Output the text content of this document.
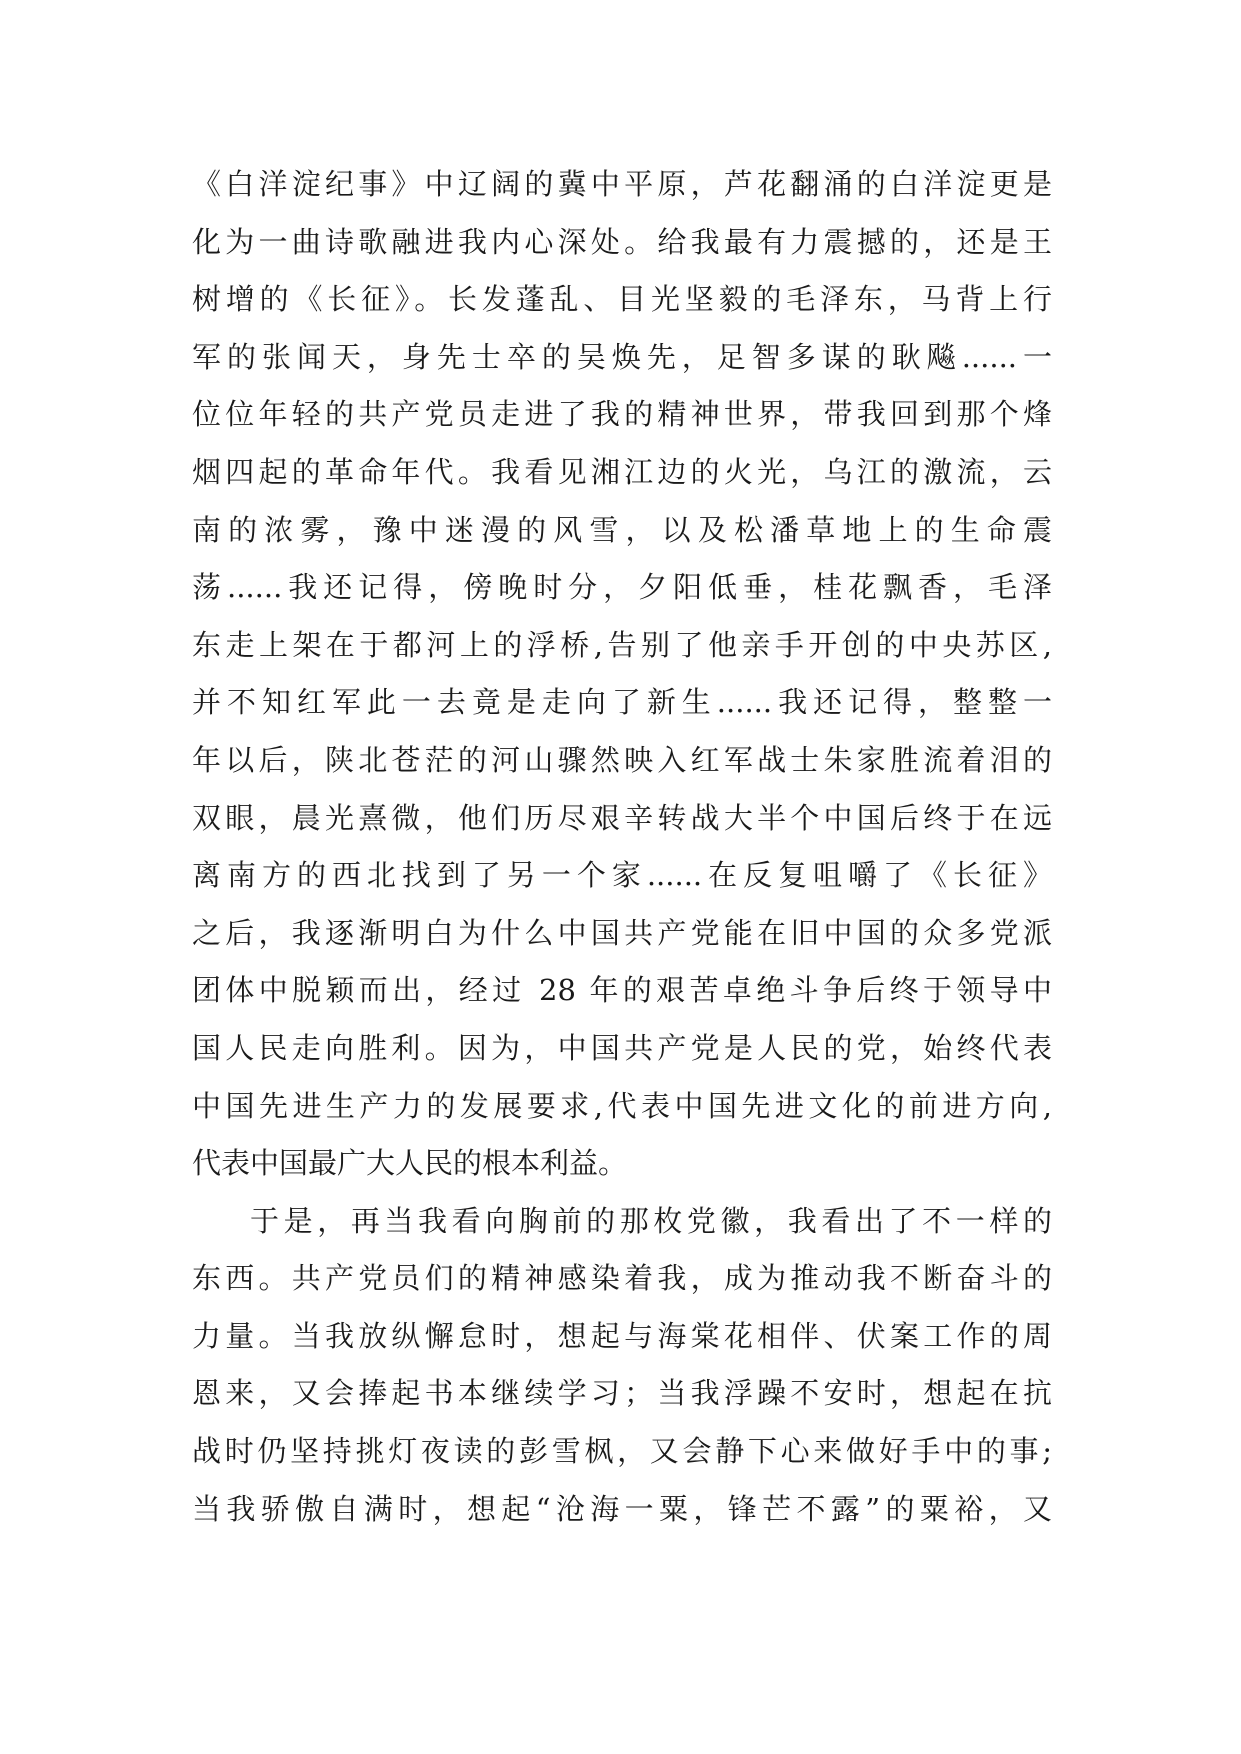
《白洋淀纪事》中辽阔的冀中平原，芦花翻涌的白洋淀更是
化为一曲诗歌融进我内心深处。给我最有力震撼的，还是王
树增的《长征》。长发蓬乱、目光坚毅的毛泽东，马背上行
军的张闻天，身先士卒的吴焕先，足智多谋的耿飚......一
位位年轻的共产党员走进了我的精神世界，带我回到那个烽
烟四起的革命年代。我看见湘江边的火光，乌江的激流，云
南的浓雾，豫中迷漫的风雪，以及松潘草地上的生命震
荡......我还记得，傍晚时分，夕阳低垂，桂花飘香，毛泽
东走上架在于都河上的浮桥,告别了他亲手开创的中央苏区,
并不知红军此一去竟是走向了新生......我还记得，整整一
年以后，陕北苍茫的河山骤然映入红军战士朱家胜流着泪的
双眼，晨光熹微，他们历尽艰辛转战大半个中国后终于在远
离南方的西北找到了另一个家......在反复咀嚼了《长征》
之后，我逐渐明白为什么中国共产党能在旧中国的众多党派
团体中脱颖而出，经过 28 年的艰苦卓绝斗争后终于领导中
国人民走向胜利。因为，中国共产党是人民的党，始终代表
中国先进生产力的发展要求,代表中国先进文化的前进方向,
代表中国最广大人民的根本利益。
于是，再当我看向胸前的那枚党徽，我看出了不一样的
东西。共产党员们的精神感染着我，成为推动我不断奋斗的
力量。当我放纵懈怠时，想起与海棠花相伴、伏案工作的周
恩来，又会捧起书本继续学习；当我浮躁不安时，想起在抗
战时仍坚持挑灯夜读的彭雪枫，又会静下心来做好手中的事;
当我骄傲自满时，想起“沧海一粟，锋芒不露”的粟裕，又
